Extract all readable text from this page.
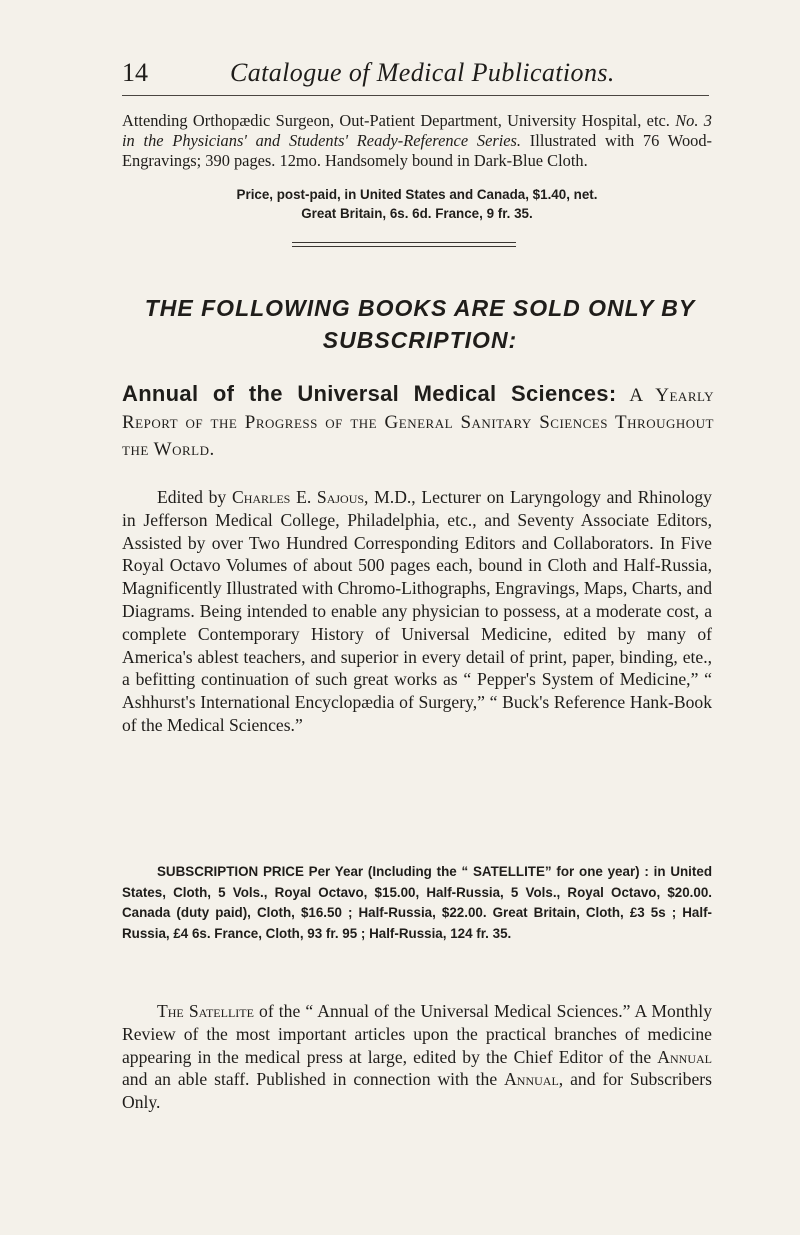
14	Catalogue of Medical Publications.

Attending Orthopædic Surgeon, Out-Patient Department, University Hospital, etc. No. 3 in the Physicians' and Students' Ready-Reference Series. Illustrated with 76 Wood-Engravings; 390 pages. 12mo. Handsomely bound in Dark-Blue Cloth.

Price, post-paid, in United States and Canada, $1.40, net.
Great Britain, 6s. 6d. France, 9 fr. 35.
THE FOLLOWING BOOKS ARE SOLD ONLY BY
SUBSCRIPTION:

Annual of the Universal Medical Sciences: A Yearly Report of the Progress of the General Sanitary Sciences Throughout the World.

Edited by Charles E. Sajous, M.D., Lecturer on Laryngology and Rhinology in Jefferson Medical College, Philadelphia, etc., and Seventy Associate Editors, Assisted by over Two Hundred Corresponding Editors and Collaborators. In Five Royal Octavo Volumes of about 500 pages each, bound in Cloth and Half-Russia, Magnificently Illustrated with Chromo-Lithographs, Engravings, Maps, Charts, and Diagrams. Being intended to enable any physician to possess, at a moderate cost, a complete Contemporary History of Universal Medicine, edited by many of America's ablest teachers, and superior in every detail of print, paper, binding, ete., a befitting continuation of such great works as “ Pepper's System of Medicine,” “ Ashhurst's International Encyclopædia of Surgery,” “ Buck's Reference Hank-Book of the Medical Sciences.”

SUBSCRIPTION PRICE Per Year (Including the “ SATELLITE” for one year) : in United States, Cloth, 5 Vols., Royal Octavo, $15.00, Half-Russia, 5 Vols., Royal Octavo, $20.00. Canada (duty paid), Cloth, $16.50 ; Half-Russia, $22.00. Great Britain, Cloth, £3 5s ; Half-Russia, £4 6s. France, Cloth, 93 fr. 95 ; Half-Russia, 124 fr. 35.

The Satellite of the “ Annual of the Universal Medical Sciences.” A Monthly Review of the most important articles upon the practical branches of medicine appearing in the medical press at large, edited by the Chief Editor of the Annual and an able staff. Published in connection with the Annual, and for Subscribers Only.
